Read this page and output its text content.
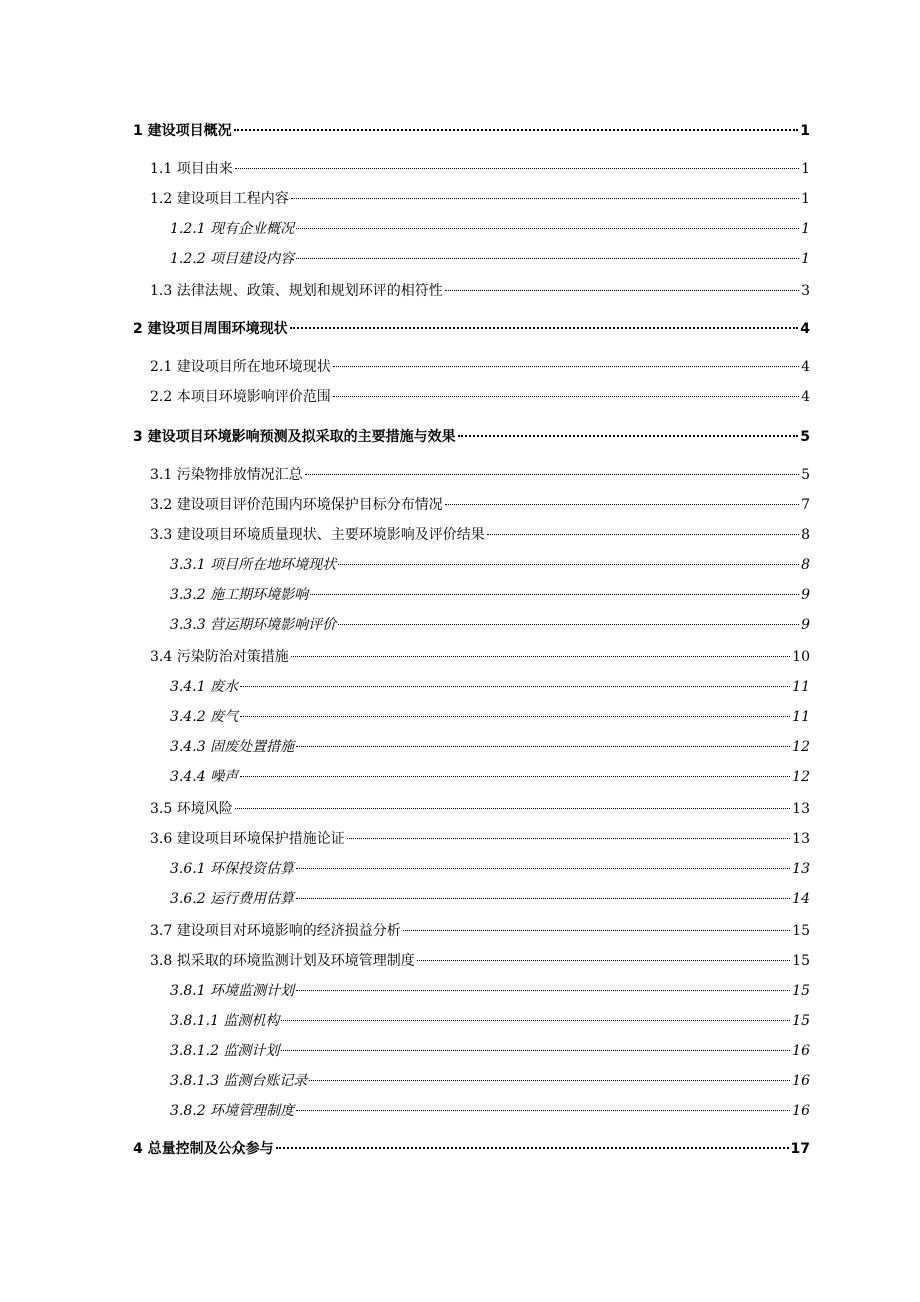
1 建设项目概况	1
1.1 项目由来	1
1.2 建设项目工程内容	1
1.2.1 现有企业概况	1
1.2.2 项目建设内容	1
1.3 法律法规、政策、规划和规划环评的相符性	3
2 建设项目周围环境现状	4
2.1 建设项目所在地环境现状	4
2.2 本项目环境影响评价范围	4
3 建设项目环境影响预测及拟采取的主要措施与效果	5
3.1 污染物排放情况汇总	5
3.2 建设项目评价范围内环境保护目标分布情况	7
3.3 建设项目环境质量现状、主要环境影响及评价结果	8
3.3.1 项目所在地环境现状	8
3.3.2 施工期环境影响	9
3.3.3 营运期环境影响评价	9
3.4 污染防治对策措施	10
3.4.1 废水	11
3.4.2 废气	11
3.4.3 固废处置措施	12
3.4.4 噪声	12
3.5 环境风险	13
3.6 建设项目环境保护措施论证	13
3.6.1 环保投资估算	13
3.6.2 运行费用估算	14
3.7 建设项目对环境影响的经济损益分析	15
3.8 拟采取的环境监测计划及环境管理制度	15
3.8.1 环境监测计划	15
3.8.1.1 监测机构	15
3.8.1.2 监测计划	16
3.8.1.3 监测台账记录	16
3.8.2 环境管理制度	16
4 总量控制及公众参与	17
